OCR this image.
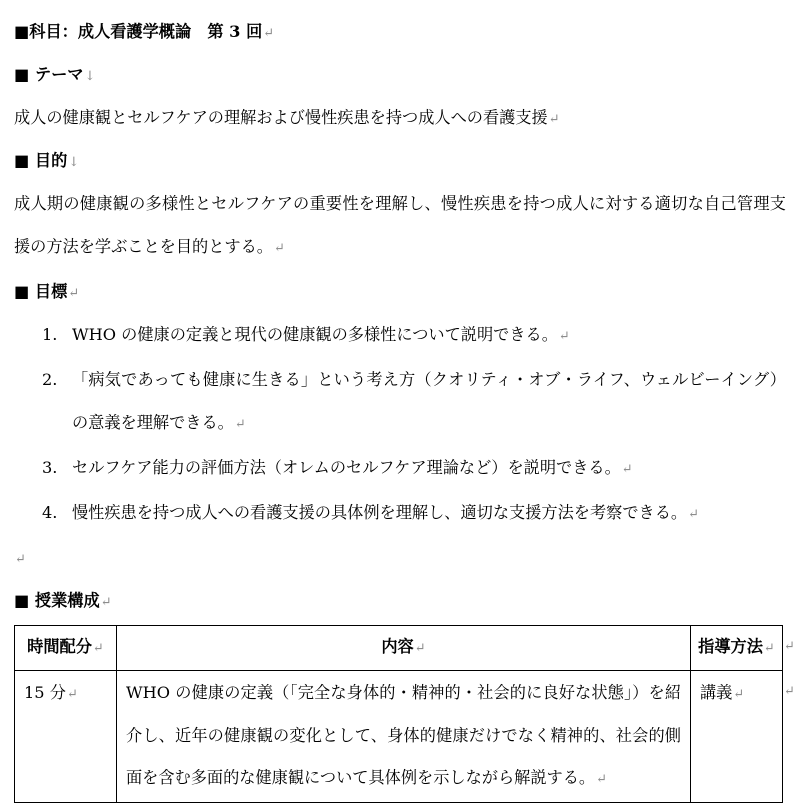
■科目：成人看護学概論　第 3 回↵
■ テーマ↓
成人の健康観とセルフケアの理解および慢性疾患を持つ成人への看護支援↵
■ 目的↓
成人期の健康観の多様性とセルフケアの重要性を理解し、慢性疾患を持つ成人に対する適切な自己管理支援の方法を学ぶことを目的とする。↵
■ 目標↵
1. WHO の健康の定義と現代の健康観の多様性について説明できる。↵
2. 「病気であっても健康に生きる」という考え方（クオリティ・オブ・ライフ、ウェルビーイング）の意義を理解できる。↵
3. セルフケア能力の評価方法（オレムのセルフケア理論など）を説明できる。↵
4. 慢性疾患を持つ成人への看護支援の具体例を理解し、適切な支援方法を考察できる。↵
↵
■ 授業構成↵
時間配分↵	内容↵	指導方法↵
15 分↵	WHO の健康の定義（「完全な身体的・精神的・社会的に良好な状態」）を紹介し、近年の健康観の変化として、身体的健康だけでなく精神的、社会的側面を含む多面的な健康観について具体例を示しながら解説する。↵	講義↵
↵
↵
